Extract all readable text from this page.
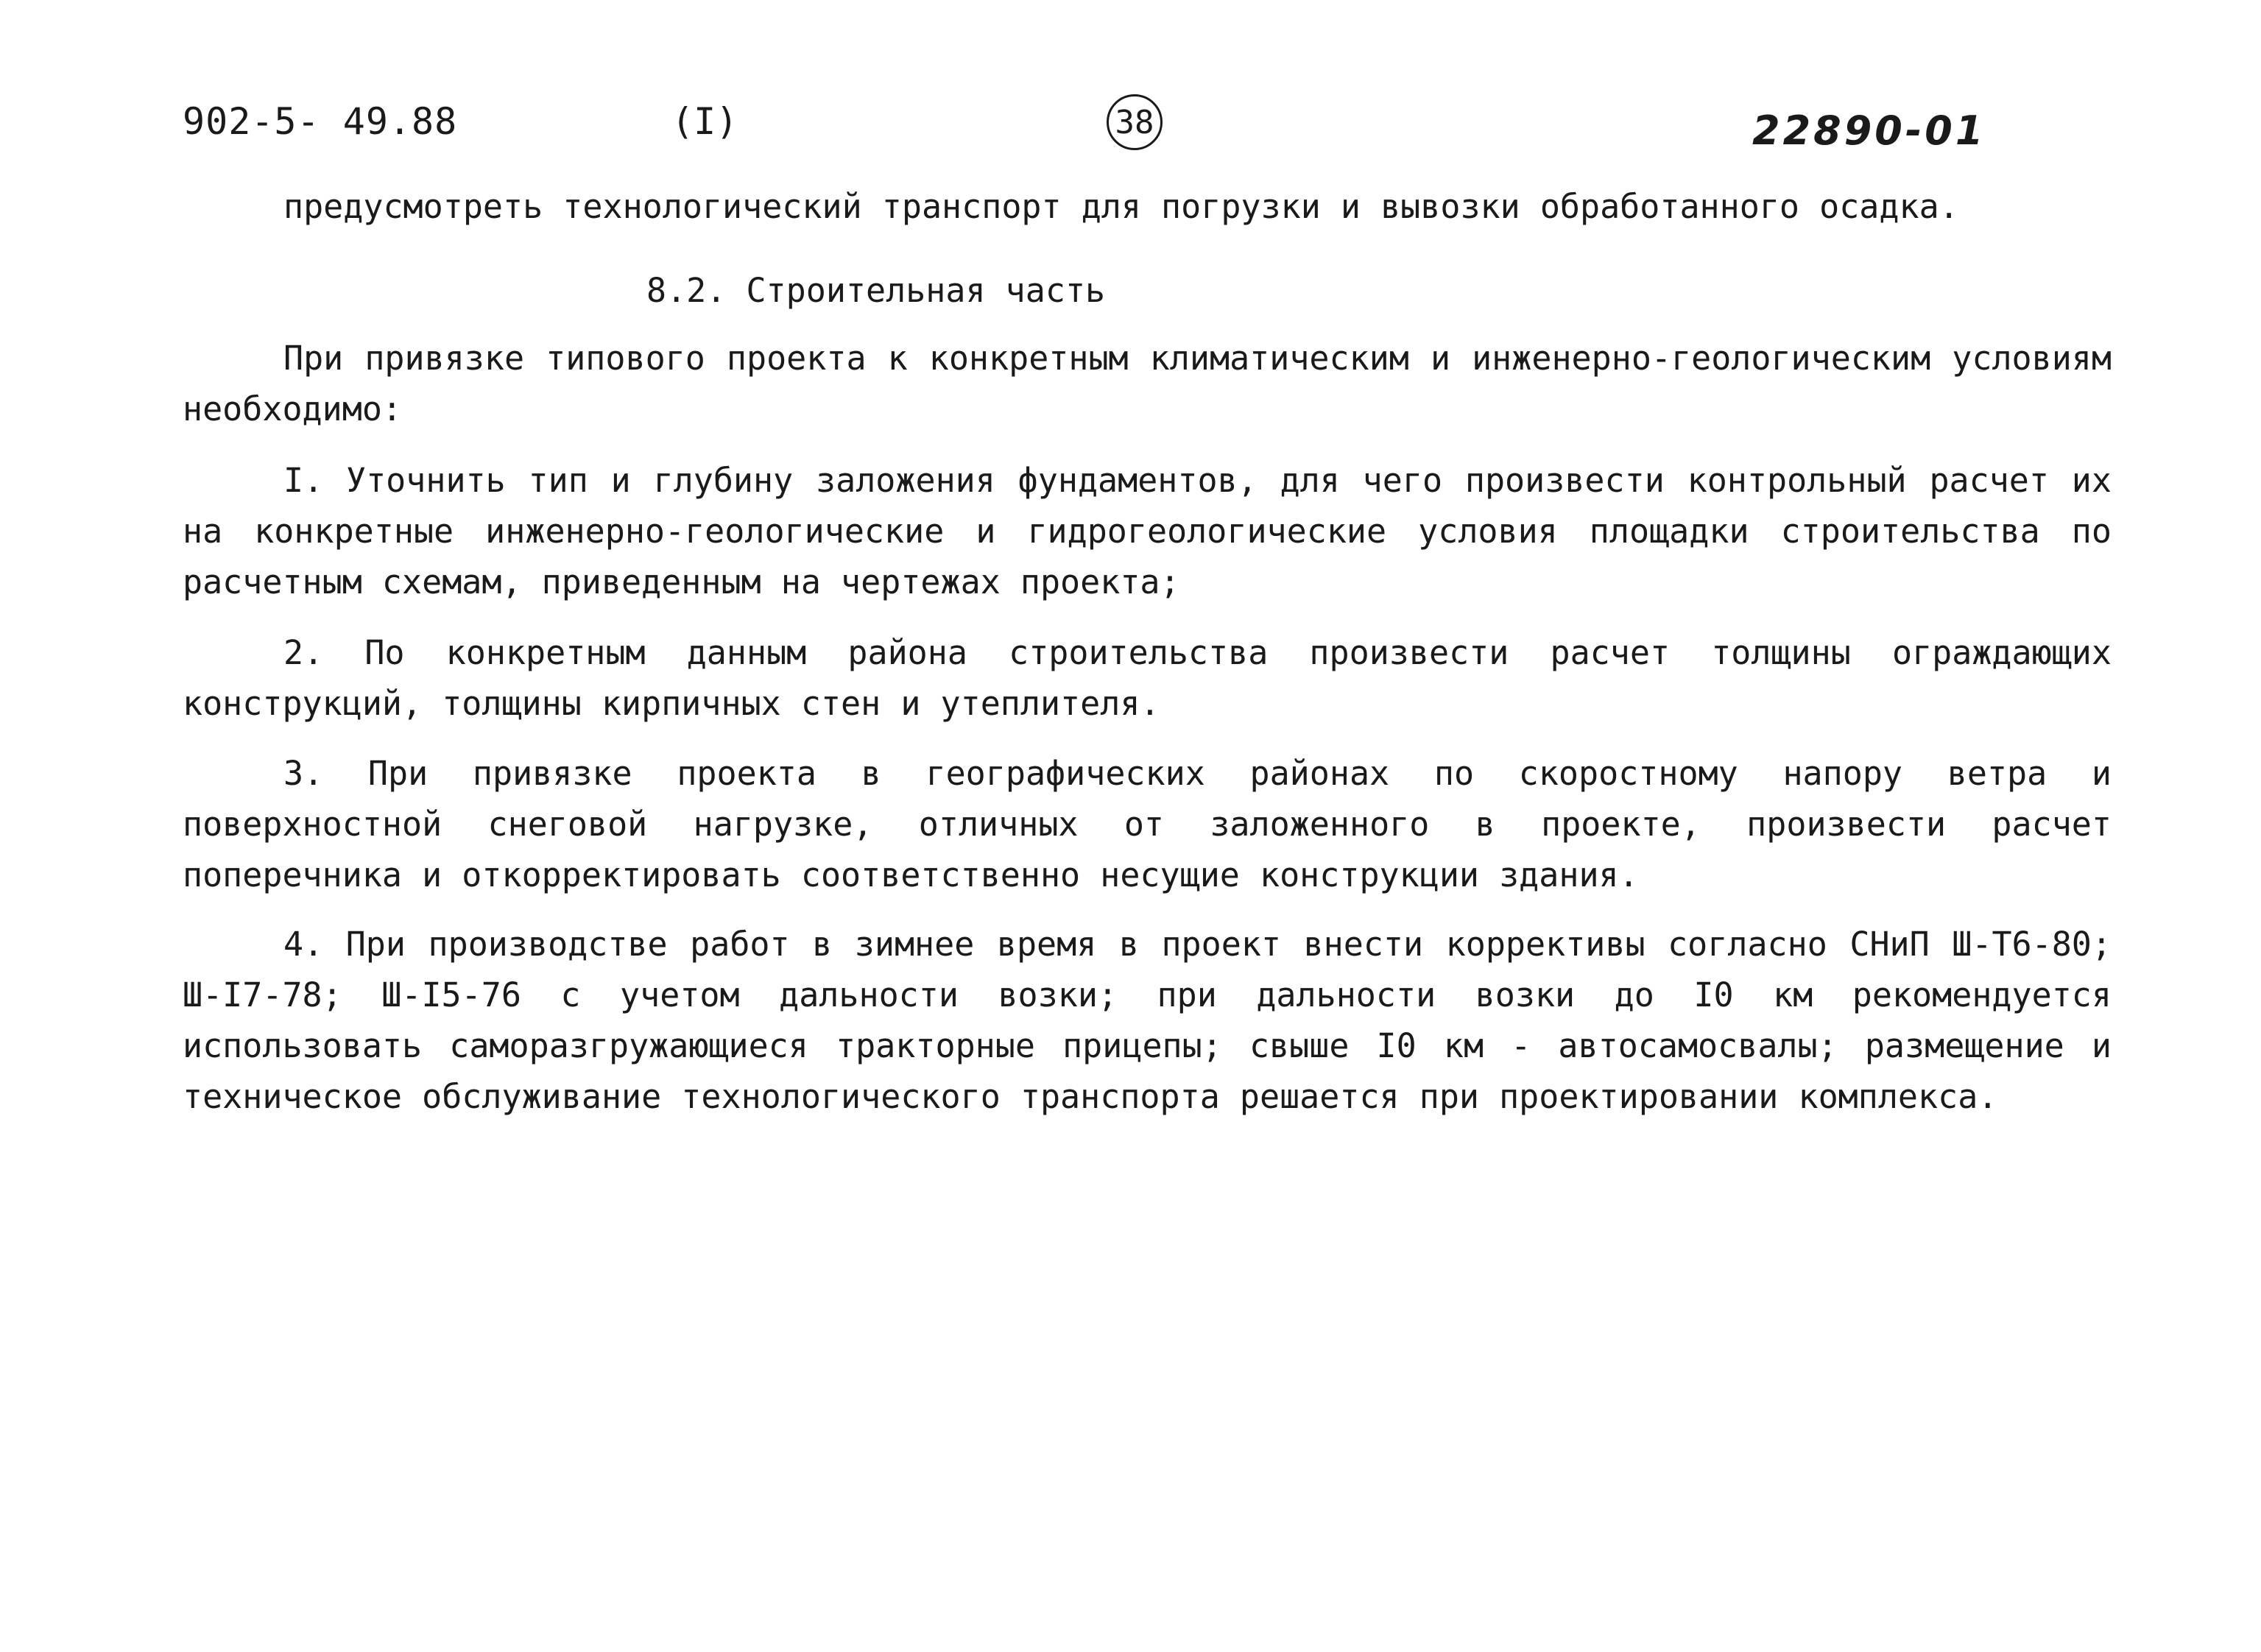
902-5- 49.88	(I)	38	22890-01
предусмотреть технологический транспорт для погрузки и вывозки обработанного осадка.
8.2. Строительная часть
При привязке типового проекта к конкретным климатическим и инженерно-геологическим условиям необходимо:
I. Уточнить тип и глубину заложения фундаментов, для чего произвести контрольный расчет их на конкретные инженерно-геологические и гидрогеологические условия площадки строительства по расчетным схемам, приведенным на чертежах проекта;
2. По конкретным данным района строительства произвести расчет толщины ограждающих конструкций, толщины кирпичных стен и утеплителя.
3. При привязке проекта в географических районах по скоростному напору ветра и поверхностной снеговой нагрузке, отличных от заложенного в проекте, произвести расчет поперечника и откорректировать соответственно несущие конструкции здания.
4. При производстве работ в зимнее время в проект внести коррективы согласно СНиП Ш-Т6-80; Ш-I7-78; Ш-I5-76 с учетом дальности возки; при дальности возки до I0 км рекомендуется использовать саморазгружающиеся тракторные прицепы; свыше I0 км - автосамосвалы; размещение и техническое обслуживание технологического транспорта решается при проектировании комплекса.
